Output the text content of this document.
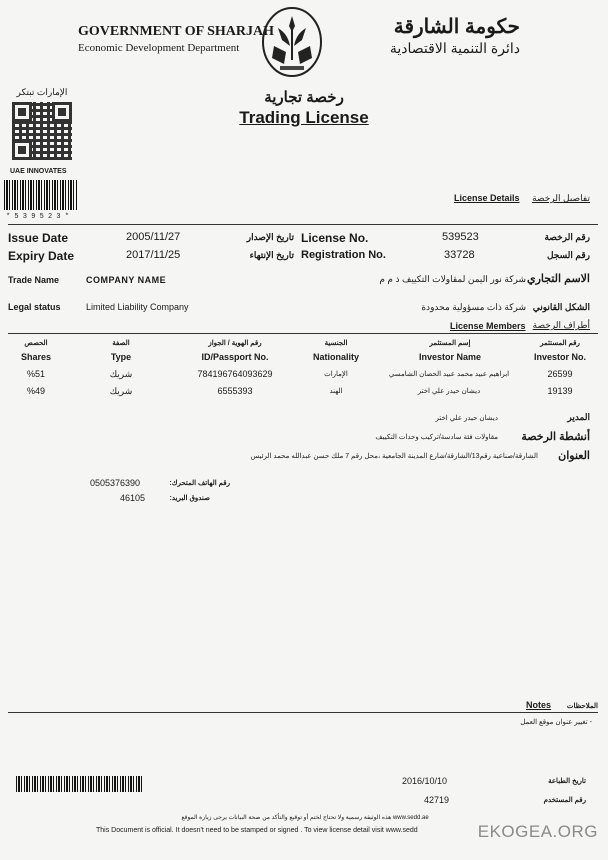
GOVERNMENT OF SHARJAH
Economic Development Department
حكومة الشارقة
دائرة التنمية الاقتصادية
رخصة تجارية
Trading License
الإمارات تبتكر
UAE INNOVATES
* 5 3 9 5 2 3 *
License Details تفاصيل الرخصة
Issue Date	2005/11/27	تاريخ الإصدار License No.	539523	رقم الرخصة
Expiry Date	2017/11/25	تاريخ الإنتهاء Registration No.	33728	رقم السجل
Trade Name	COMPANY NAME	شركة نور اليمن لمقاولات التكييف ذ م م الاسم التجاري
Legal status	Limited Liability Company	شركة ذات مسؤولية محدودة الشكل القانوني
أطراف الرخصة
License Members
الحصص	الصفة	رقم الهوية / الجواز	الجنسية	إسم المستثمر	رقم المستثمر
Shares	Type	ID/Passport No.	Nationality	Investor Name	Investor No.
%51	شريك	784196764093629	الإمارات	ابراهيم عبيد محمد عبيد الحصان الشامسي	26599
%49	شريك	6555393	الهند	ديشان حيدر علي اختر	19139
المدير
ديشان حيدر علي اختر
أنشطة الرخصة
مقاولات فئة سادسة/تركيب وحدات التكييف
العنوان
الشارقة/صناعية رقم13/الشارقة/شارع المدينة الجامعية ،محل رقم 7 ملك حسن عبدالله محمد الرئيس
0505376390	رقم الهاتف المتحرك:
46105	صندوق البريد:
Notes الملاحظات
- تغيير عنوان موقع العمل
2016/10/10	تاريخ الطباعة
42719	رقم المستخدم
www.sedd.ae هذه الوثيقة رسمية ولا تحتاج لختم أو توقيع والتأكد من صحة البيانات يرجى زيارة الموقع
This Document is official. It doesn't need to be stamped or signed . To view license detail visit www.sedd	EKOGEA.ORG
